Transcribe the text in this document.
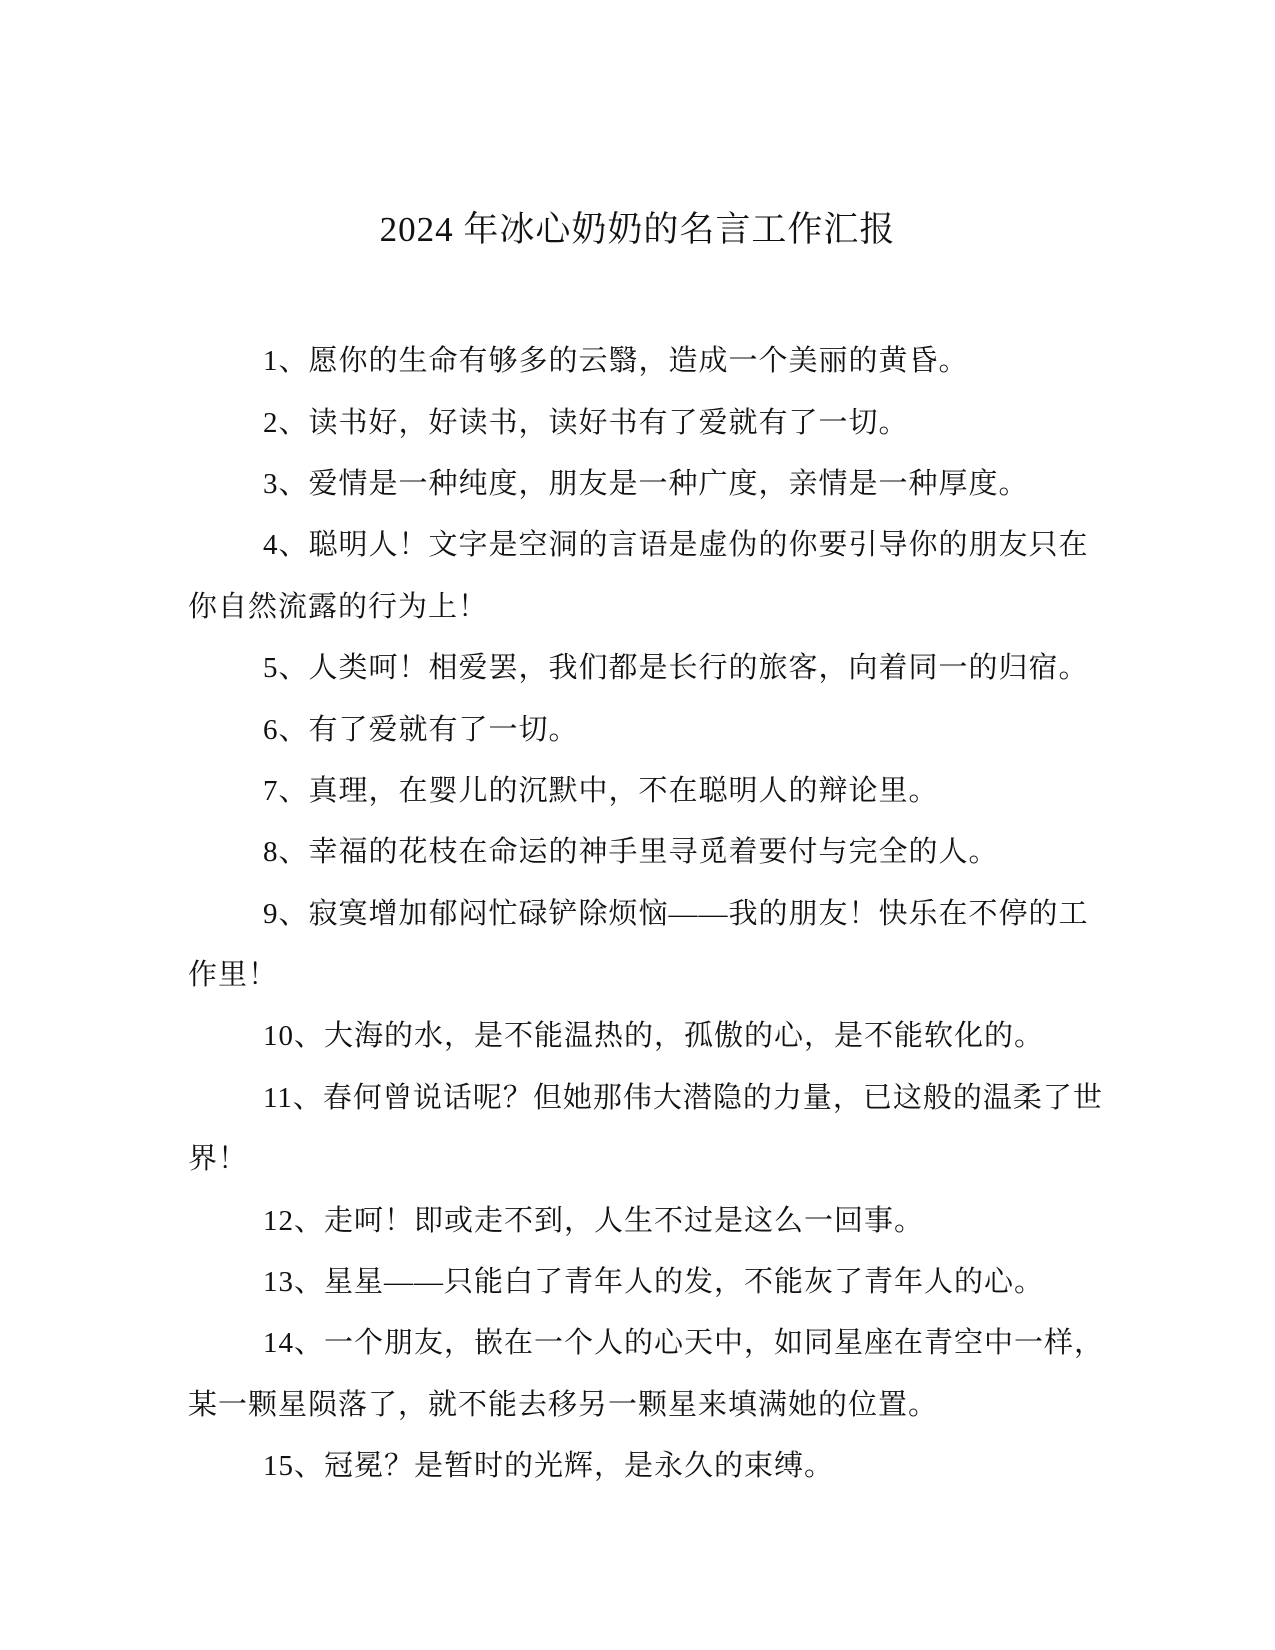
2024 年冰心奶奶的名言工作汇报
1、愿你的生命有够多的云翳，造成一个美丽的黄昏。
2、读书好，好读书，读好书有了爱就有了一切。
3、爱情是一种纯度，朋友是一种广度，亲情是一种厚度。
4、聪明人！文字是空洞的言语是虚伪的你要引导你的朋友只在
你自然流露的行为上！
5、人类呵！相爱罢，我们都是长行的旅客，向着同一的归宿。
6、有了爱就有了一切。
7、真理，在婴儿的沉默中，不在聪明人的辩论里。
8、幸福的花枝在命运的神手里寻觅着要付与完全的人。
9、寂寞增加郁闷忙碌铲除烦恼——我的朋友！快乐在不停的工
作里！
10、大海的水，是不能温热的，孤傲的心，是不能软化的。
11、春何曾说话呢？但她那伟大潜隐的力量，已这般的温柔了世
界！
12、走呵！即或走不到，人生不过是这么一回事。
13、星星——只能白了青年人的发，不能灰了青年人的心。
14、一个朋友，嵌在一个人的心天中，如同星座在青空中一样，
某一颗星陨落了，就不能去移另一颗星来填满她的位置。
15、冠冕？是暂时的光辉，是永久的束缚。
